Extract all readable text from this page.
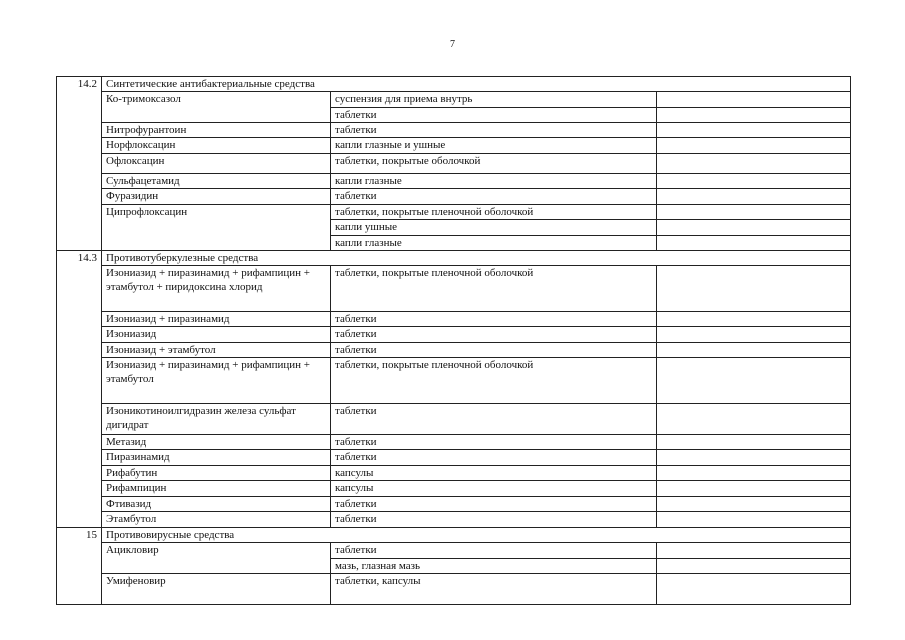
7
14.2	Синтетические антибактериальные средства		
	Ко-тримоксазол	суспензия для приема внутрь	
		таблетки	
	Нитрофурантоин	таблетки	
	Норфлоксацин	капли глазные и ушные	
	Офлоксацин	таблетки, покрытые оболочкой	
	Сульфацетамид	капли глазные	
	Фуразидин	таблетки	
	Ципрофлоксацин	таблетки, покрытые пленочной оболочкой	
		капли ушные	
		капли глазные	
14.3	Противотуберкулезные средства		
	Изониазид + пиразинамид + рифампицин + этамбутол + пиридоксина хлорид	таблетки, покрытые пленочной оболочкой	
	Изониазид + пиразинамид	таблетки	
	Изониазид	таблетки	
	Изониазид + этамбутол	таблетки	
	Изониазид + пиразинамид + рифампицин + этамбутол	таблетки, покрытые пленочной оболочкой	
	Изоникотиноилгидразин железа сульфат дигидрат	таблетки	
	Метазид	таблетки	
	Пиразинамид	таблетки	
	Рифабутин	капсулы	
	Рифампицин	капсулы	
	Фтивазид	таблетки	
	Этамбутол	таблетки	
15	Противовирусные средства		
	Ацикловир	таблетки	
		мазь, глазная мазь	
	Умифеновир	таблетки, капсулы	
